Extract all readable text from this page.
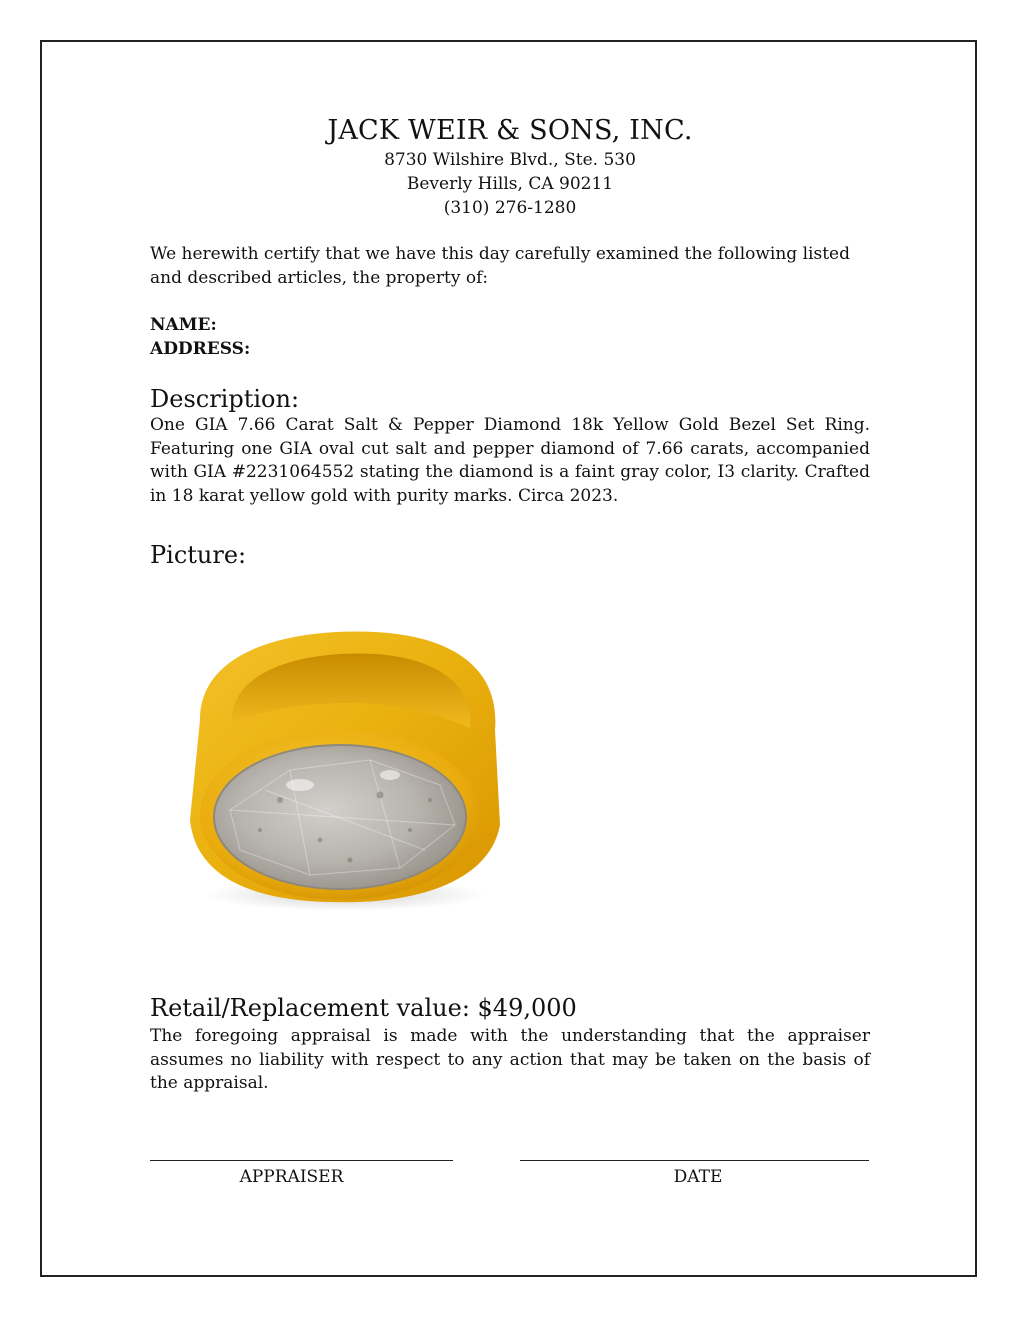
JACK WEIR & SONS, INC.
8730 Wilshire Blvd., Ste. 530
Beverly Hills, CA 90211
(310) 276-1280

We herewith certify that we have this day carefully examined the following listed and described articles, the property of:

NAME:
ADDRESS:
Description:

One GIA 7.66 Carat Salt & Pepper Diamond 18k Yellow Gold Bezel Set Ring. Featuring one GIA oval cut salt and pepper diamond of 7.66 carats, accompanied with GIA #2231064552 stating the diamond is a faint gray color, I3 clarity. Crafted in 18 karat yellow gold with purity marks. Circa 2023.

Picture:
Retail/Replacement value: $49,000

The foregoing appraisal is made with the understanding that the appraiser assumes no liability with respect to any action that may be taken on the basis of the appraisal.

APPRAISER	DATE
